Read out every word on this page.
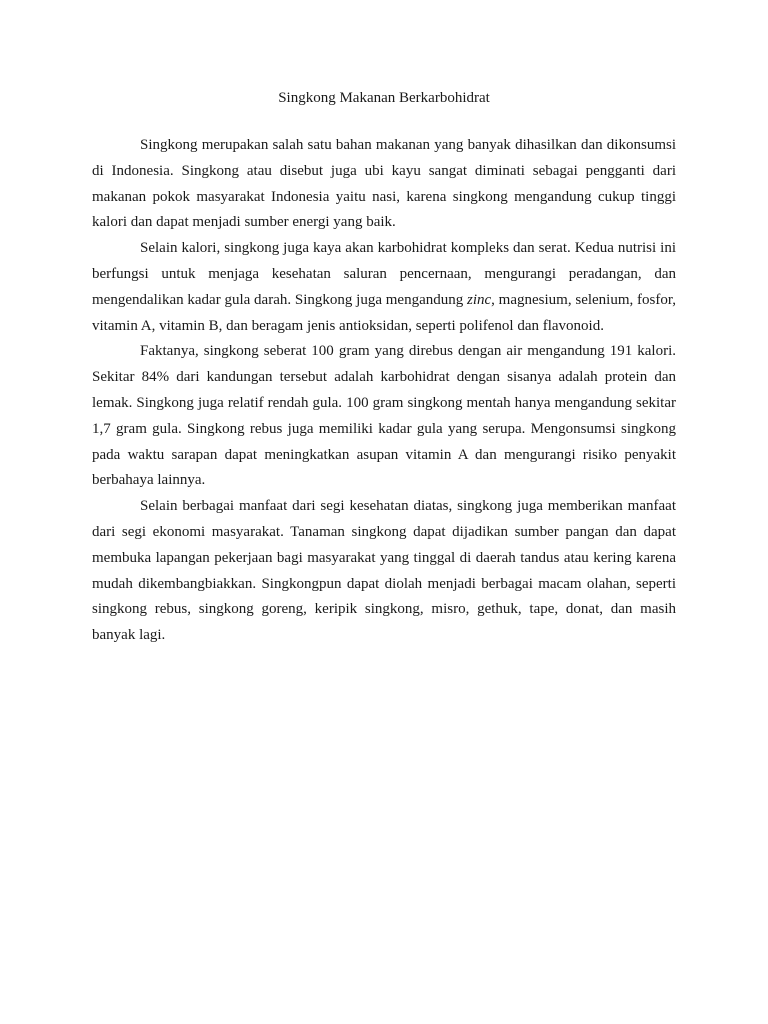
Singkong Makanan Berkarbohidrat

Singkong merupakan salah satu bahan makanan yang banyak dihasilkan dan dikonsumsi di Indonesia. Singkong atau disebut juga ubi kayu sangat diminati sebagai pengganti dari makanan pokok masyarakat Indonesia yaitu nasi, karena singkong mengandung cukup tinggi kalori dan dapat menjadi sumber energi yang baik.

Selain kalori, singkong juga kaya akan karbohidrat kompleks dan serat. Kedua nutrisi ini berfungsi untuk menjaga kesehatan saluran pencernaan, mengurangi peradangan, dan mengendalikan kadar gula darah. Singkong juga mengandung zinc, magnesium, selenium, fosfor, vitamin A, vitamin B, dan beragam jenis antioksidan, seperti polifenol dan flavonoid.

Faktanya, singkong seberat 100 gram yang direbus dengan air mengandung 191 kalori. Sekitar 84% dari kandungan tersebut adalah karbohidrat dengan sisanya adalah protein dan lemak. Singkong juga relatif rendah gula. 100 gram singkong mentah hanya mengandung sekitar 1,7 gram gula. Singkong rebus juga memiliki kadar gula yang serupa. Mengonsumsi singkong pada waktu sarapan dapat meningkatkan asupan vitamin A dan mengurangi risiko penyakit berbahaya lainnya.

Selain berbagai manfaat dari segi kesehatan diatas, singkong juga memberikan manfaat dari segi ekonomi masyarakat. Tanaman singkong dapat dijadikan sumber pangan dan dapat membuka lapangan pekerjaan bagi masyarakat yang tinggal di daerah tandus atau kering karena mudah dikembangbiakkan. Singkongpun dapat diolah menjadi berbagai macam olahan, seperti singkong rebus, singkong goreng, keripik singkong, misro, gethuk, tape, donat, dan masih banyak lagi.
